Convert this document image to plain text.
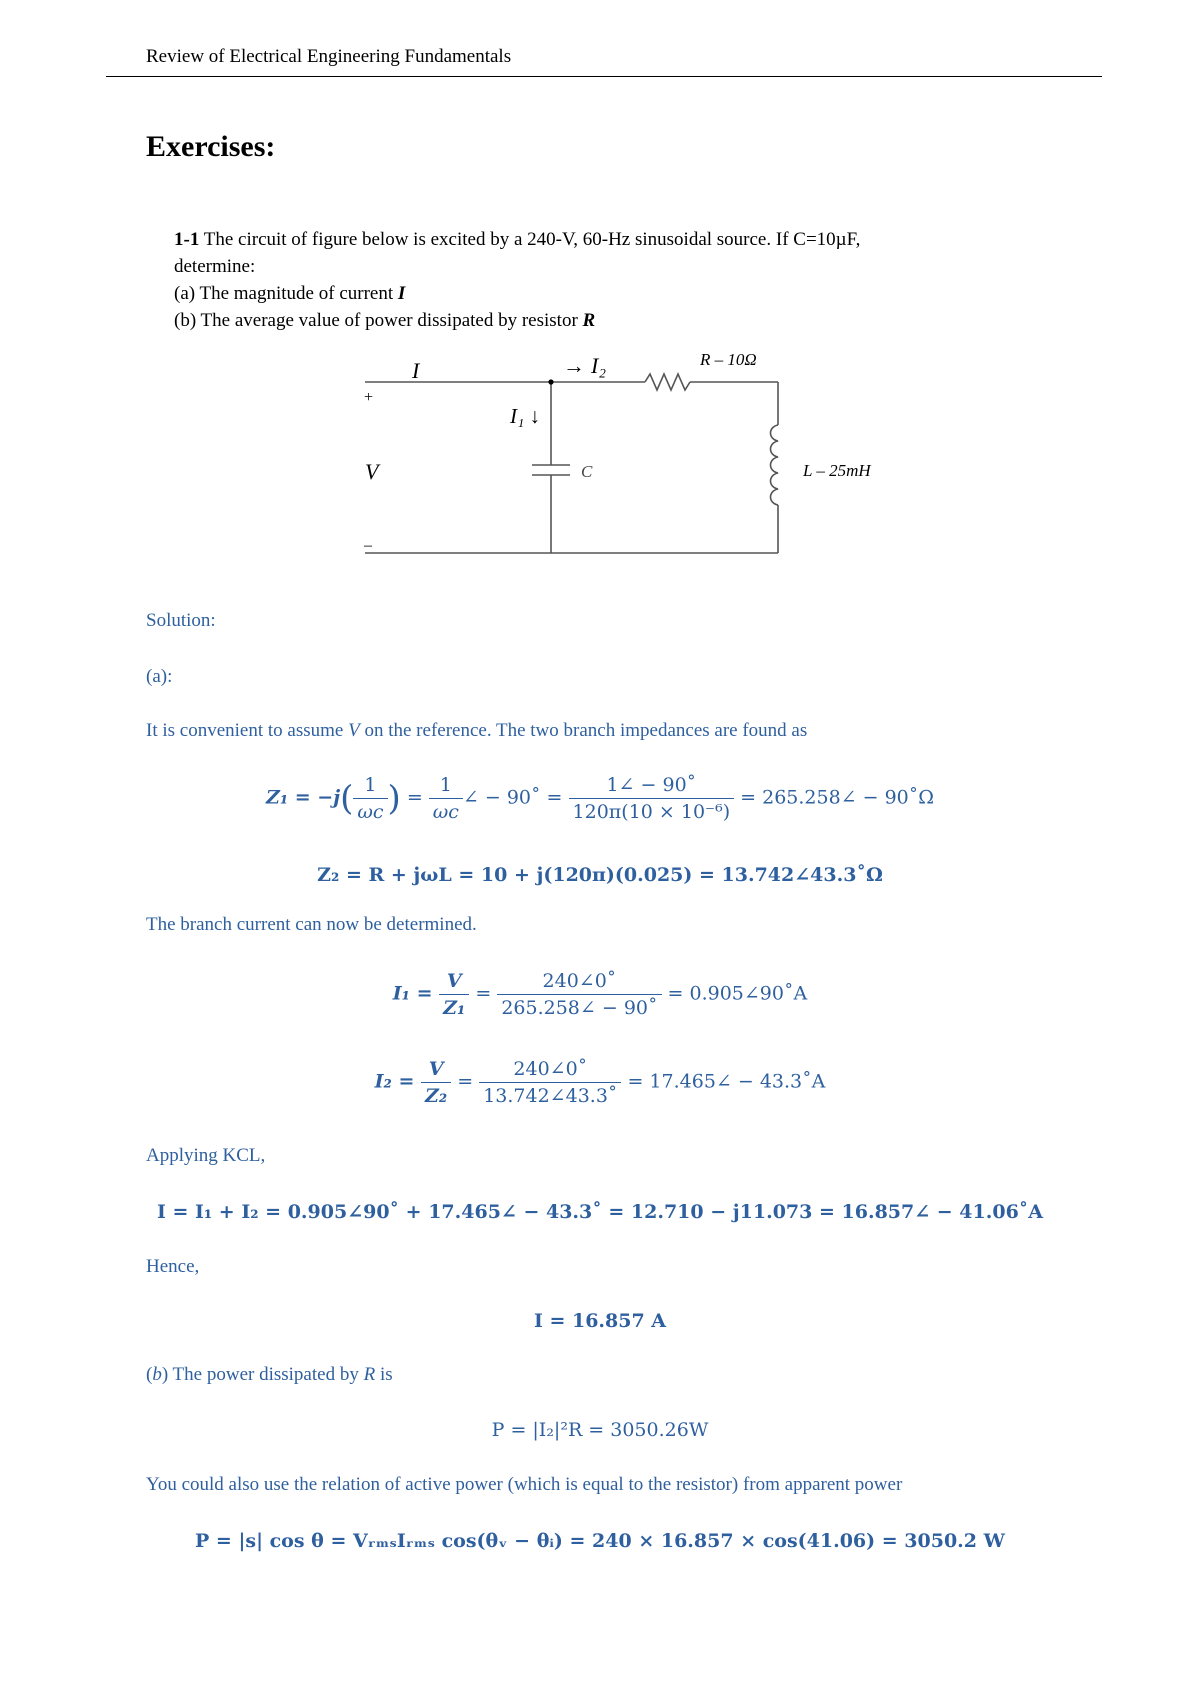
Review of Electrical Engineering Fundamentals
Exercises:
1-1 The circuit of figure below is excited by a 240-V, 60-Hz sinusoidal source. If C=10µF,
determine:
(a) The magnitude of current I
(b) The average value of power dissipated by resistor R
I
V
→ I₂
I₁ ↓
C
R – 10Ω
L – 25mH
+
–
Solution:
(a):
It is convenient to assume V on the reference. The two branch impedances are found as
$Z_1 = -j( \frac{1}{\omega c}$ ) = $\frac{1}{\omega c}$ ∠ − 90˚ = $\frac{1\angle - 90˚}{\text{120π(10 × 10⁻⁶)}}$ = 265.258∠ − 90˚Ω
Z₂ = R + jωL = 10 + j(120π)(0.025) = 13.742∠43.3˚Ω
The branch current can now be determined.
$I_1 = \frac{V}{\text{Z₁}} = \frac{240\angle 0˚}{265.258\angle - 90˚}$ = 0.905∠90˚A
$I_2 = \frac{V}{\text{Z₂}} = \frac{240\angle 0˚}{13.742\angle 43.3˚}$ = 17.465∠ − 43.3˚A
Applying KCL,
I = I₁ + I₂ = 0.905∠90˚ + 17.465∠ − 43.3˚ = 12.710 − j11.073 = 16.857∠ − 41.06˚A
Hence,
I = 16.857 A
(b) The power dissipated by R is
P = |I₂|²R = 3050.26W
You could also use the relation of active power (which is equal to the resistor) from apparent power
P = |s| cos θ = VᵣₘₛIᵣₘₛ cos(θᵥ − θᵢ) = 240 × 16.857 × cos(41.06) = 3050.2 W
